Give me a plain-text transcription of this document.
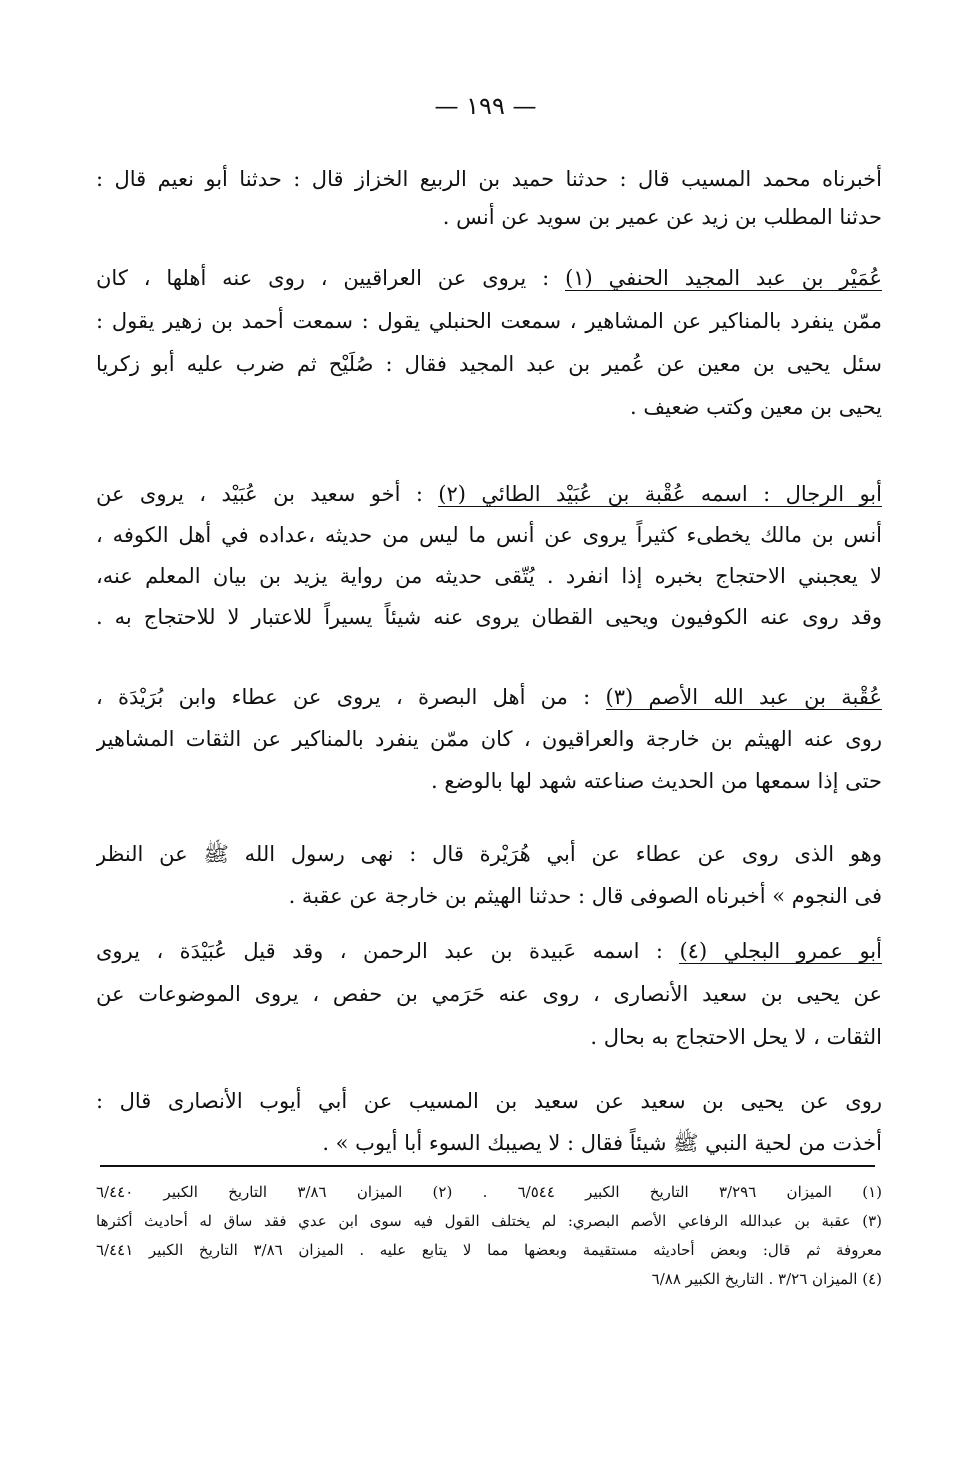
— ١٩٩ —
أخبرناه محمد المسيب قال : حدثنا حميد بن الربيع الخزاز قال : حدثنا أبو نعيم قال :
حدثنا المطلب بن زيد عن عمير بن سويد عن أنس .
عُمَيْر بن عبد المجيد الحنفي (١) : يروى عن العراقيين ، روى عنه أهلها ، كان
ممّن ينفرد بالمناكير عن المشاهير ، سمعت الحنبلي يقول : سمعت أحمد بن زهير يقول :
سئل يحيى بن معين عن عُمير بن عبد المجيد فقال : صُلَيْح ثم ضرب عليه أبو زكريا
يحيى بن معين وكتب ضعيف .
أبو الرجال : اسمه عُقْبة بن عُبَيْد الطائي (٢) : أخو سعيد بن عُبَيْد ، يروى عن
أنس بن مالك يخطىء كثيراً يروى عن أنس ما ليس من حديثه ،عداده في أهل الكوفه ،
لا يعجبني الاحتجاج بخبره إذا انفرد . يُتّقى حديثه من رواية يزيد بن بيان المعلم عنه،
وقد روى عنه الكوفيون ويحيى القطان يروى عنه شيئاً يسيراً للاعتبار لا للاحتجاج به .
عُقْبة بن عبد الله الأصم (٣) : من أهل البصرة ، يروى عن عطاء وابن بُرَيْدَة ،
روى عنه الهيثم بن خارجة والعراقيون ، كان ممّن ينفرد بالمناكير عن الثقات المشاهير
حتى إذا سمعها من الحديث صناعته شهد لها بالوضع .
وهو الذى روى عن عطاء عن أبي هُرَيْرة قال : نهى رسول الله ﷺ عن النظر
فى النجوم » أخبرناه الصوفى قال : حدثنا الهيثم بن خارجة عن عقبة .
أبو عمرو البجلي (٤) : اسمه عَبيدة بن عبد الرحمن ، وقد قيل عُبَيْدَة ، يروى
عن يحيى بن سعيد الأنصارى ، روى عنه حَرَمي بن حفص ، يروى الموضوعات عن
الثقات ، لا يحل الاحتجاج به بحال .
روى عن يحيى بن سعيد عن سعيد بن المسيب عن أبي أيوب الأنصارى قال :
أخذت من لحية النبي ﷺ شيئاً فقال : لا يصيبك السوء أبا أيوب » .
(١) الميزان ٣/٢٩٦ التاريخ الكبير ٦/٥٤٤ . (٢) الميزان ٣/٨٦ التاريخ الكبير ٦/٤٤٠
(٣) عقبة بن عبدالله الرفاعي الأصم البصري: لم يختلف القول فيه سوى ابن عدي فقد ساق له أحاديث أكثرها
معروفة ثم قال: وبعض أحاديثه مستقيمة وبعضها مما لا يتابع عليه . الميزان ٣/٨٦ التاريخ الكبير ٦/٤٤١
(٤) الميزان ٣/٢٦ . التاريخ الكبير ٦/٨٨
